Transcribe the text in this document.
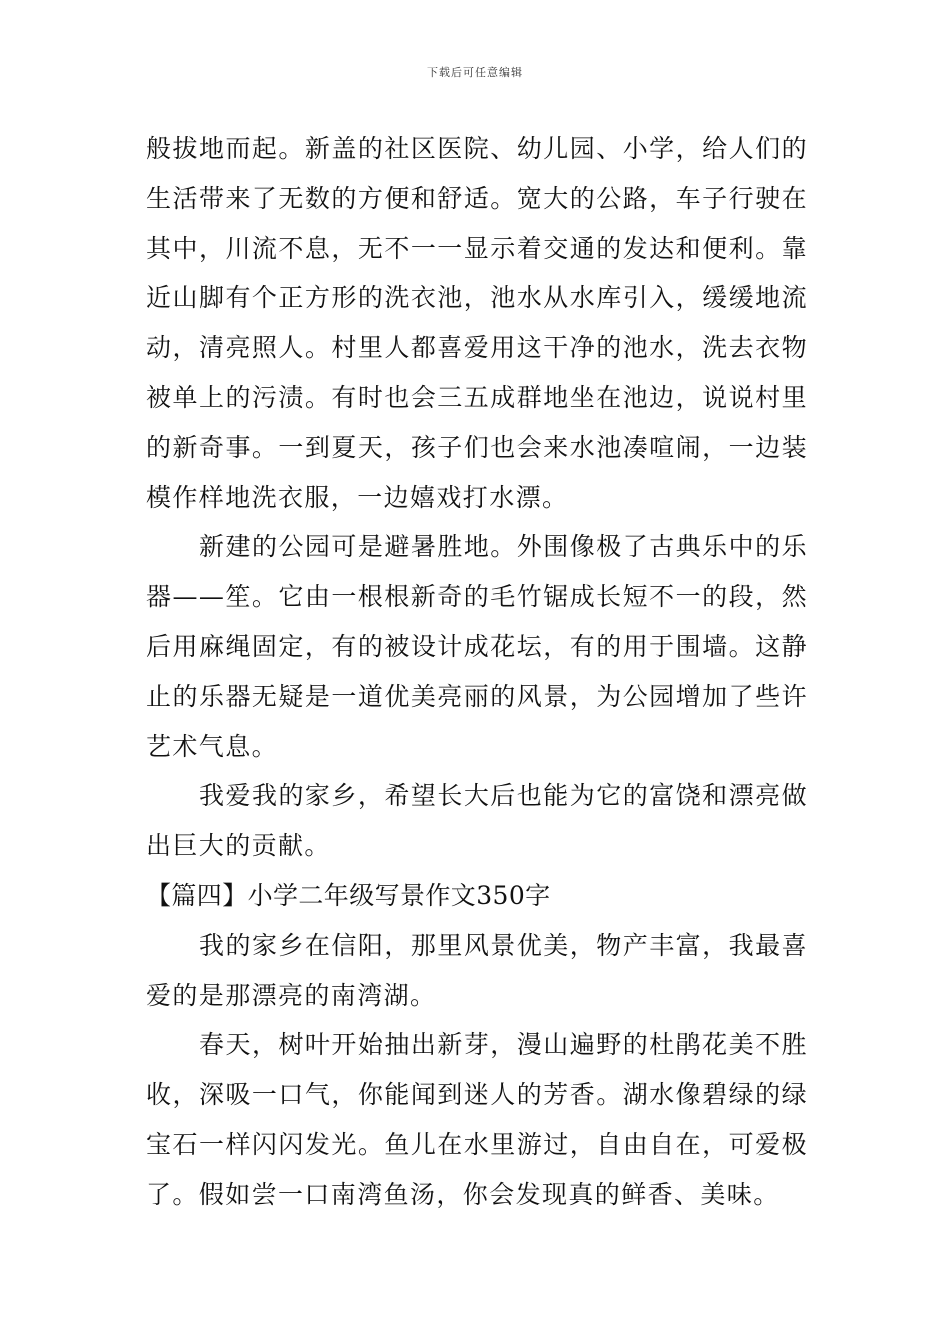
下载后可任意编辑

般拔地而起。新盖的社区医院、幼儿园、小学，给人们的生活带来了无数的方便和舒适。宽大的公路，车子行驶在其中，川流不息，无不一一显示着交通的发达和便利。靠近山脚有个正方形的洗衣池，池水从水库引入，缓缓地流动，清亮照人。村里人都喜爱用这干净的池水，洗去衣物被单上的污渍。有时也会三五成群地坐在池边，说说村里的新奇事。一到夏天，孩子们也会来水池凑喧闹，一边装模作样地洗衣服，一边嬉戏打水漂。

新建的公园可是避暑胜地。外围像极了古典乐中的乐器——笙。它由一根根新奇的毛竹锯成长短不一的段，然后用麻绳固定，有的被设计成花坛，有的用于围墙。这静止的乐器无疑是一道优美亮丽的风景，为公园增加了些许艺术气息。

我爱我的家乡，希望长大后也能为它的富饶和漂亮做出巨大的贡献。

【篇四】小学二年级写景作文350字

我的家乡在信阳，那里风景优美，物产丰富，我最喜爱的是那漂亮的南湾湖。

春天，树叶开始抽出新芽，漫山遍野的杜鹃花美不胜收，深吸一口气，你能闻到迷人的芳香。湖水像碧绿的绿宝石一样闪闪发光。鱼儿在水里游过，自由自在，可爱极了。假如尝一口南湾鱼汤，你会发现真的鲜香、美味。
